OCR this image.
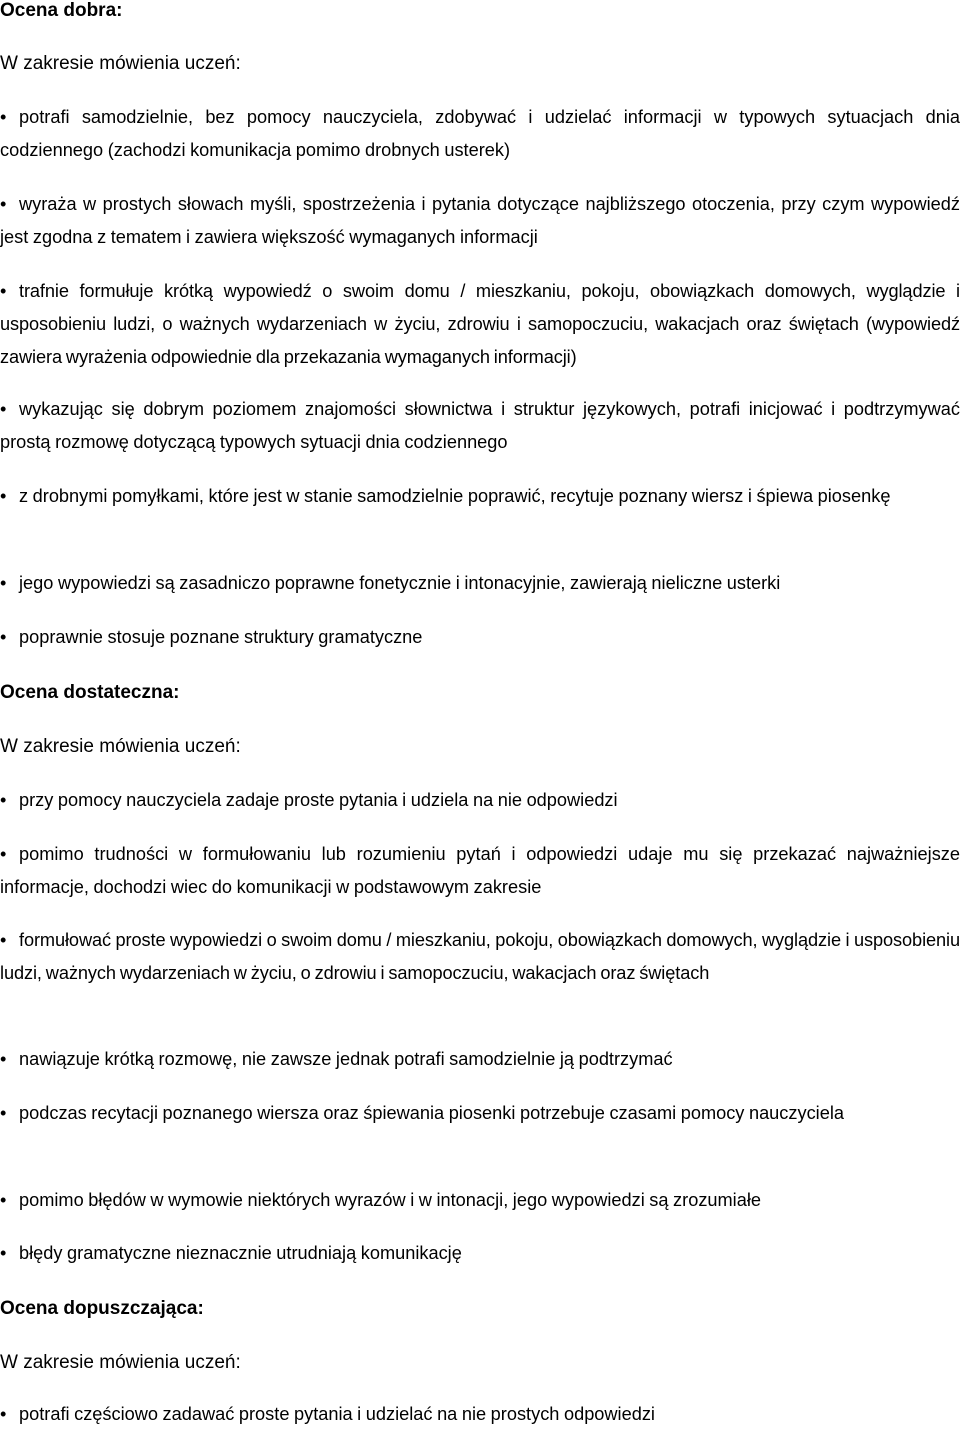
Ocena dobra:
W zakresie mówienia uczeń:
• potrafi samodzielnie, bez pomocy nauczyciela, zdobywać i udzielać informacji w typowych sytuacjach dnia codziennego (zachodzi komunikacja pomimo drobnych usterek)
• wyraża w prostych słowach myśli, spostrzeżenia i pytania dotyczące najbliższego otoczenia, przy czym wypowiedź jest zgodna z tematem i zawiera większość wymaganych informacji
• trafnie formułuje krótką wypowiedź o swoim domu / mieszkaniu, pokoju, obowiązkach domowych, wyglądzie i usposobieniu ludzi, o ważnych wydarzeniach w życiu, zdrowiu i samopoczuciu, wakacjach oraz świętach (wypowiedź zawiera wyrażenia odpowiednie dla przekazania wymaganych informacji)
• wykazując się dobrym poziomem znajomości słownictwa i struktur językowych, potrafi inicjować i podtrzymywać prostą rozmowę dotyczącą typowych sytuacji dnia codziennego
• z drobnymi pomyłkami, które jest w stanie samodzielnie poprawić, recytuje poznany wiersz i śpiewa piosenkę
• jego wypowiedzi są zasadniczo poprawne fonetycznie i intonacyjnie, zawierają nieliczne usterki
• poprawnie stosuje poznane struktury gramatyczne
Ocena dostateczna:
W zakresie mówienia uczeń:
• przy pomocy nauczyciela zadaje proste pytania i udziela na nie odpowiedzi
• pomimo trudności w formułowaniu lub rozumieniu pytań i odpowiedzi udaje mu się przekazać najważniejsze informacje, dochodzi wiec do komunikacji w podstawowym zakresie
• formułować proste wypowiedzi o swoim domu / mieszkaniu, pokoju, obowiązkach domowych, wyglądzie i usposobieniu ludzi, ważnych wydarzeniach w życiu, o zdrowiu i samopoczuciu, wakacjach oraz świętach
• nawiązuje krótką rozmowę, nie zawsze jednak potrafi samodzielnie ją podtrzymać
• podczas recytacji poznanego wiersza oraz śpiewania piosenki potrzebuje czasami pomocy nauczyciela
• pomimo błędów w wymowie niektórych wyrazów i w intonacji, jego wypowiedzi są zrozumiałe
• błędy gramatyczne nieznacznie utrudniają komunikację
Ocena dopuszczająca:
W zakresie mówienia uczeń:
• potrafi częściowo zadawać proste pytania i udzielać na nie prostych odpowiedzi
